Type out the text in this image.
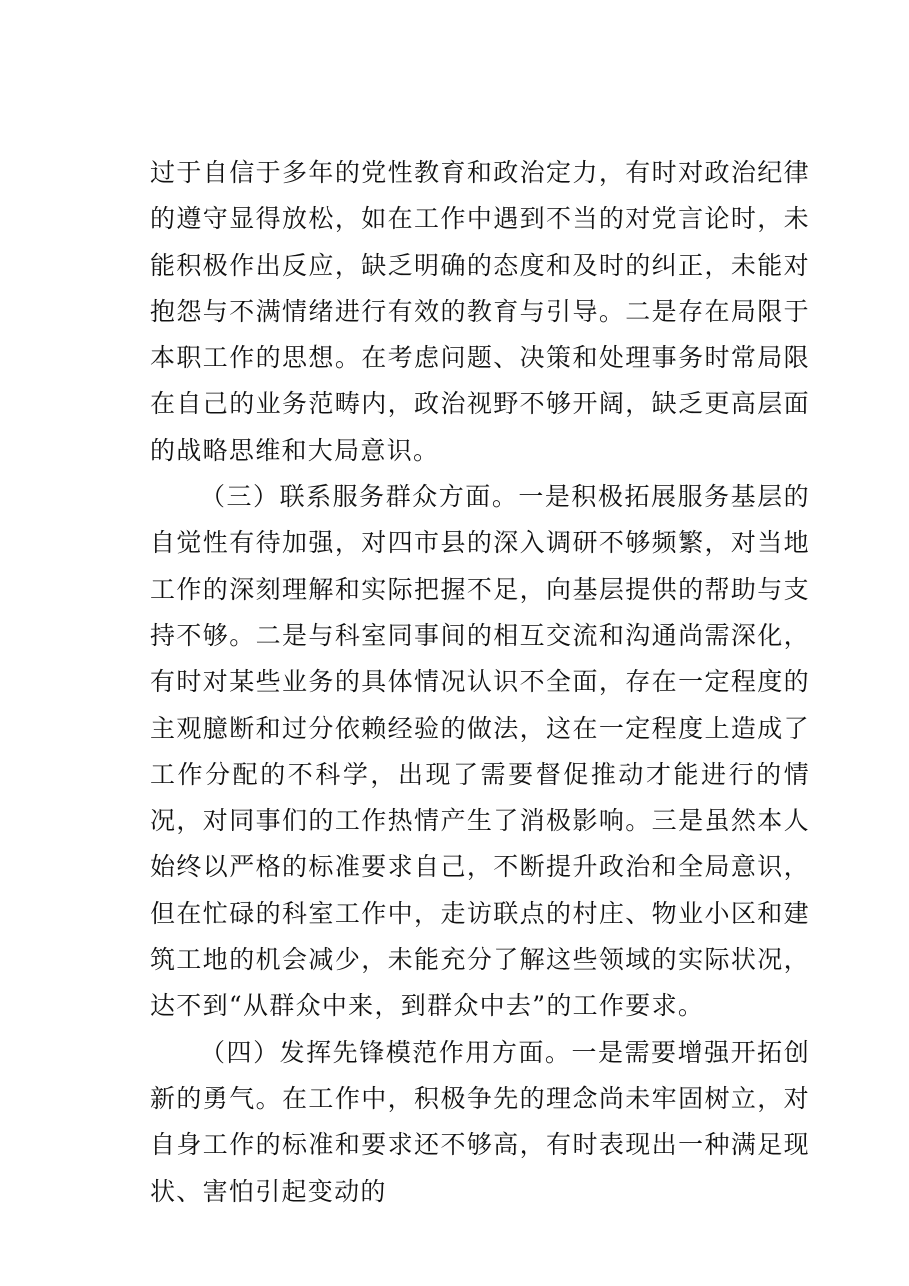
过于自信于多年的党性教育和政治定力，有时对政治纪律的遵守显得放松，如在工作中遇到不当的对党言论时，未能积极作出反应，缺乏明确的态度和及时的纠正，未能对抱怨与不满情绪进行有效的教育与引导。二是存在局限于本职工作的思想。在考虑问题、决策和处理事务时常局限在自己的业务范畴内，政治视野不够开阔，缺乏更高层面的战略思维和大局意识。

（三）联系服务群众方面。一是积极拓展服务基层的自觉性有待加强，对四市县的深入调研不够频繁，对当地工作的深刻理解和实际把握不足，向基层提供的帮助与支持不够。二是与科室同事间的相互交流和沟通尚需深化，有时对某些业务的具体情况认识不全面，存在一定程度的主观臆断和过分依赖经验的做法，这在一定程度上造成了工作分配的不科学，出现了需要督促推动才能进行的情况，对同事们的工作热情产生了消极影响。三是虽然本人始终以严格的标准要求自己，不断提升政治和全局意识，但在忙碌的科室工作中，走访联点的村庄、物业小区和建筑工地的机会减少，未能充分了解这些领域的实际状况，达不到“从群众中来，到群众中去”的工作要求。

（四）发挥先锋模范作用方面。一是需要增强开拓创新的勇气。在工作中，积极争先的理念尚未牢固树立，对自身工作的标准和要求还不够高，有时表现出一种满足现状、害怕引起变动的
